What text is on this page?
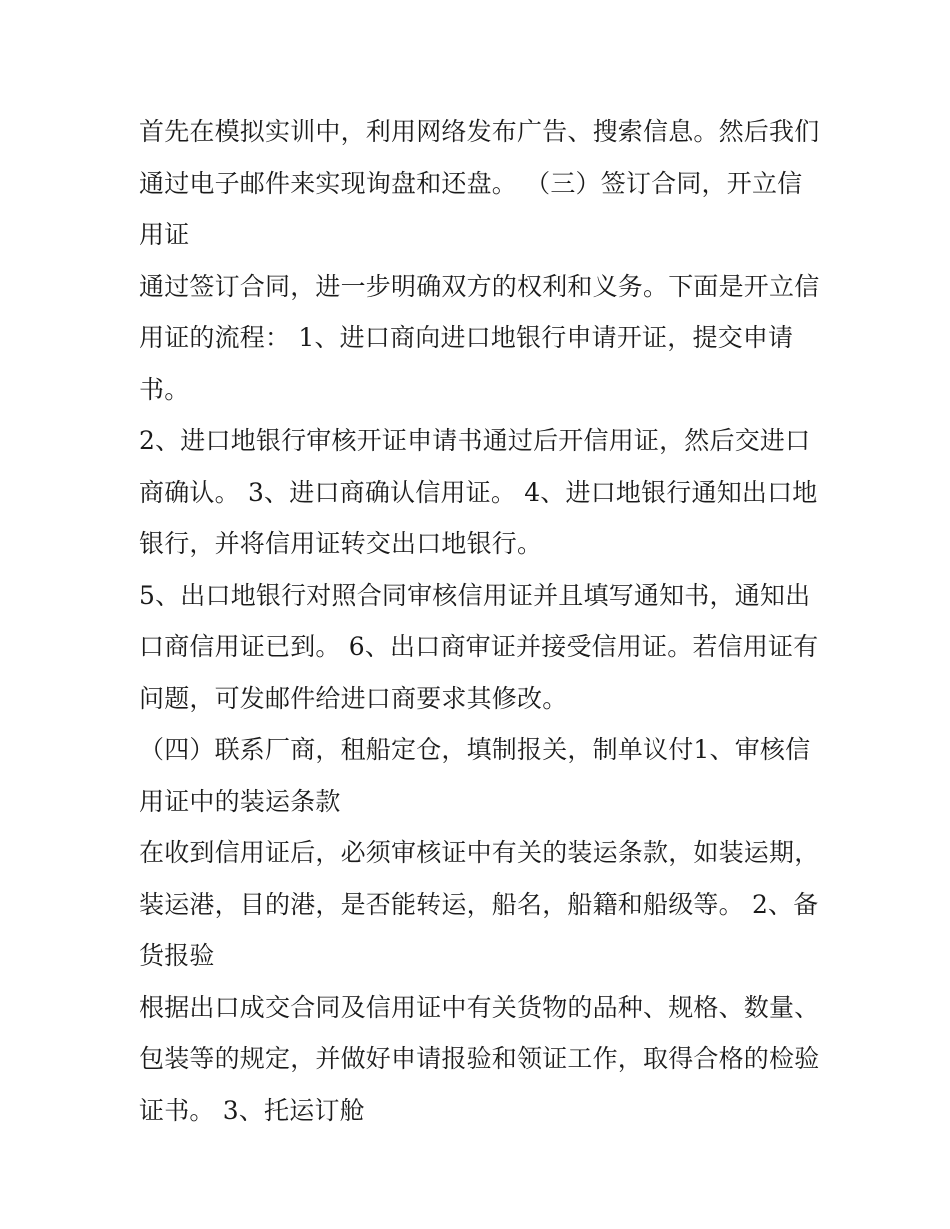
首先在模拟实训中，利用网络发布广告、搜索信息。然后我们
通过电子邮件来实现询盘和还盘。 （三）签订合同，开立信
用证
通过签订合同，进一步明确双方的权利和义务。下面是开立信
用证的流程： 1、进口商向进口地银行申请开证，提交申请
书。
2、进口地银行审核开证申请书通过后开信用证，然后交进口
商确认。 3、进口商确认信用证。 4、进口地银行通知出口地
银行，并将信用证转交出口地银行。
5、出口地银行对照合同审核信用证并且填写通知书，通知出
口商信用证已到。 6、出口商审证并接受信用证。若信用证有
问题，可发邮件给进口商要求其修改。
（四）联系厂商，租船定仓，填制报关，制单议付1、审核信
用证中的装运条款
在收到信用证后，必须审核证中有关的装运条款，如装运期，
装运港，目的港，是否能转运，船名，船籍和船级等。 2、备
货报验
根据出口成交合同及信用证中有关货物的品种、规格、数量、
包装等的规定，并做好申请报验和领证工作，取得合格的检验
证书。 3、托运订舱
